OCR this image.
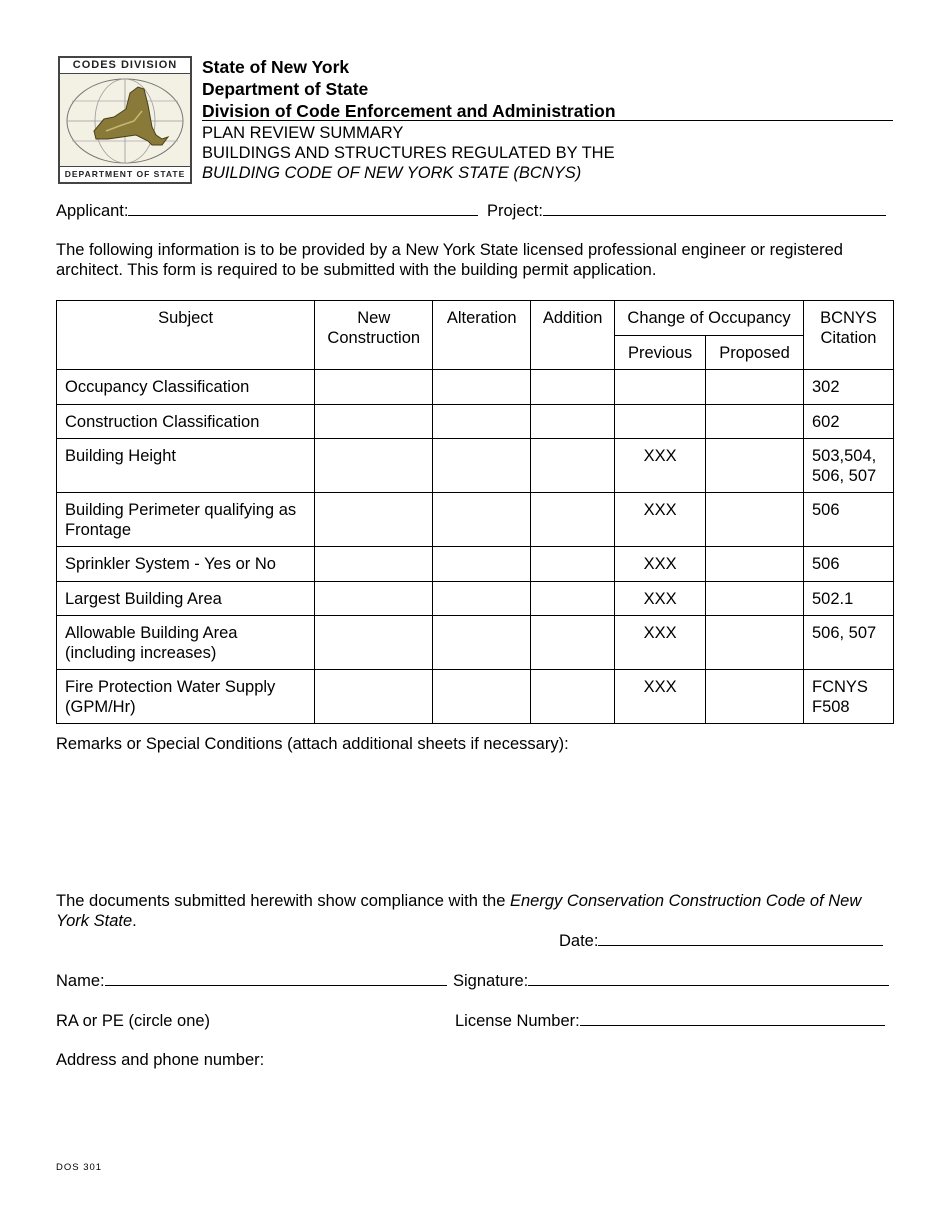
CODES DIVISION
DEPARTMENT OF STATE
State of New York
Department of State
Division of Code Enforcement and Administration
PLAN REVIEW SUMMARY
BUILDINGS AND STRUCTURES REGULATED BY THE
BUILDING CODE OF NEW YORK STATE (BCNYS)
Applicant:	Project:
The following information is to be provided by a New York State licensed professional engineer or registered architect. This form is required to be submitted with the building permit application.
Subject	New Construction	Alteration	Addition	Change of Occupancy		BCNYS Citation
				Previous	Proposed	
Occupancy Classification						302
Construction Classification						602
Building Height				XXX		503,504, 506, 507
Building Perimeter qualifying as Frontage				XXX		506
Sprinkler System - Yes or No				XXX		506
Largest Building Area				XXX		502.1
Allowable Building Area (including increases)				XXX		506, 507
Fire Protection Water Supply (GPM/Hr)				XXX		FCNYS F508
Remarks or Special Conditions (attach additional sheets if necessary):
The documents submitted herewith show compliance with the Energy Conservation Construction Code of New York State.
Date:
Name:	Signature:
RA or PE (circle one)	License Number:
Address and phone number:
DOS 301
